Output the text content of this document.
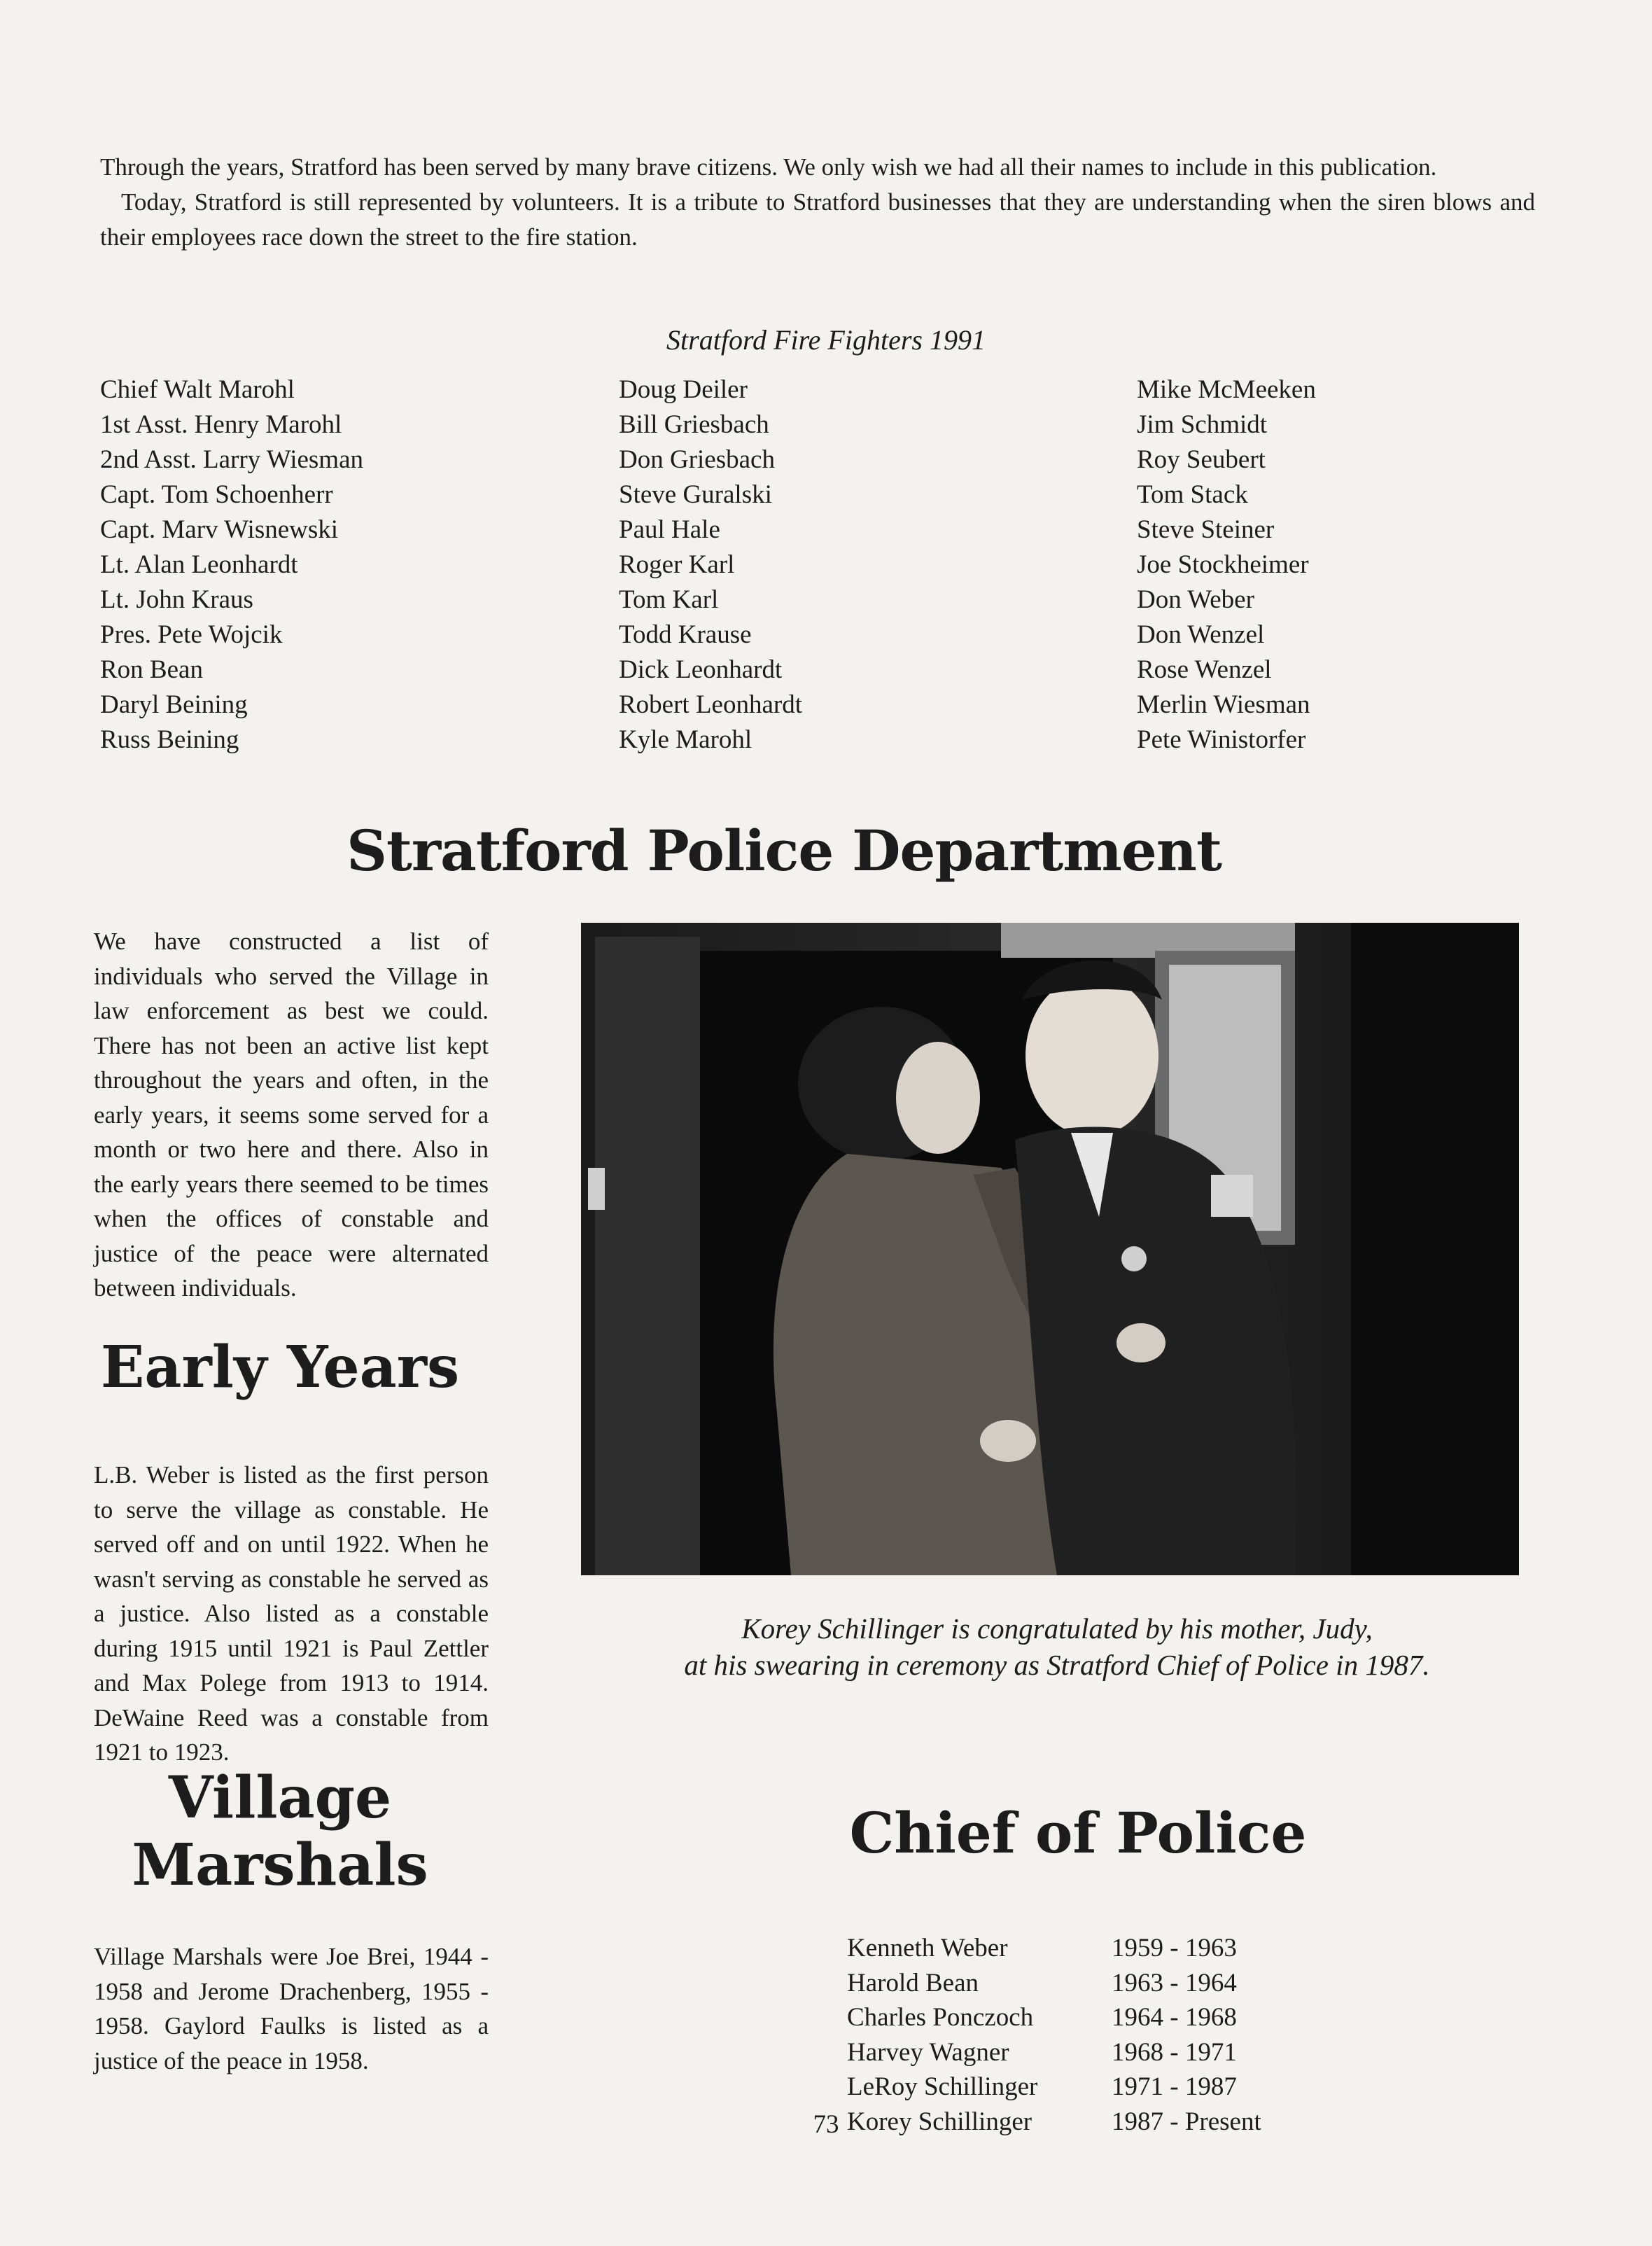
Through the years, Stratford has been served by many brave citizens. We only wish we had all their names to include in this publication.

Today, Stratford is still represented by volunteers. It is a tribute to Stratford businesses that they are understanding when the siren blows and their employees race down the street to the fire station.

Stratford Fire Fighters 1991
Chief Walt Marohl
1st Asst. Henry Marohl
2nd Asst. Larry Wiesman
Capt. Tom Schoenherr
Capt. Marv Wisnewski
Lt. Alan Leonhardt
Lt. John Kraus
Pres. Pete Wojcik
Ron Bean
Daryl Beining
Russ Beining
Doug Deiler
Bill Griesbach
Don Griesbach
Steve Guralski
Paul Hale
Roger Karl
Tom Karl
Todd Krause
Dick Leonhardt
Robert Leonhardt
Kyle Marohl
Mike McMeeken
Jim Schmidt
Roy Seubert
Tom Stack
Steve Steiner
Joe Stockheimer
Don Weber
Don Wenzel
Rose Wenzel
Merlin Wiesman
Pete Winistorfer
Stratford Police Department

We have constructed a list of individuals who served the Village in law enforcement as best we could. There has not been an active list kept throughout the years and often, in the early years, it seems some served for a month or two here and there. Also in the early years there seemed to be times when the offices of constable and justice of the peace were alternated between individuals.

Early Years

L.B. Weber is listed as the first person to serve the village as constable. He served off and on until 1922. When he wasn't serving as constable he served as a justice. Also listed as a constable during 1915 until 1921 is Paul Zettler and Max Polege from 1913 to 1914. DeWaine Reed was a constable from 1921 to 1923.

Village
Marshals

Village Marshals were Joe Brei, 1944 - 1958 and Jerome Drachenberg, 1955 - 1958. Gaylord Faulks is listed as a justice of the peace in 1958.

Korey Schillinger is congratulated by his mother, Judy,
at his swearing in ceremony as Stratford Chief of Police in 1987.
Chief of Police
Kenneth Weber	1959 - 1963
Harold Bean	1963 - 1964
Charles Ponczoch	1964 - 1968
Harvey Wagner	1968 - 1971
LeRoy Schillinger	1971 - 1987
Korey Schillinger	1987 - Present
73
